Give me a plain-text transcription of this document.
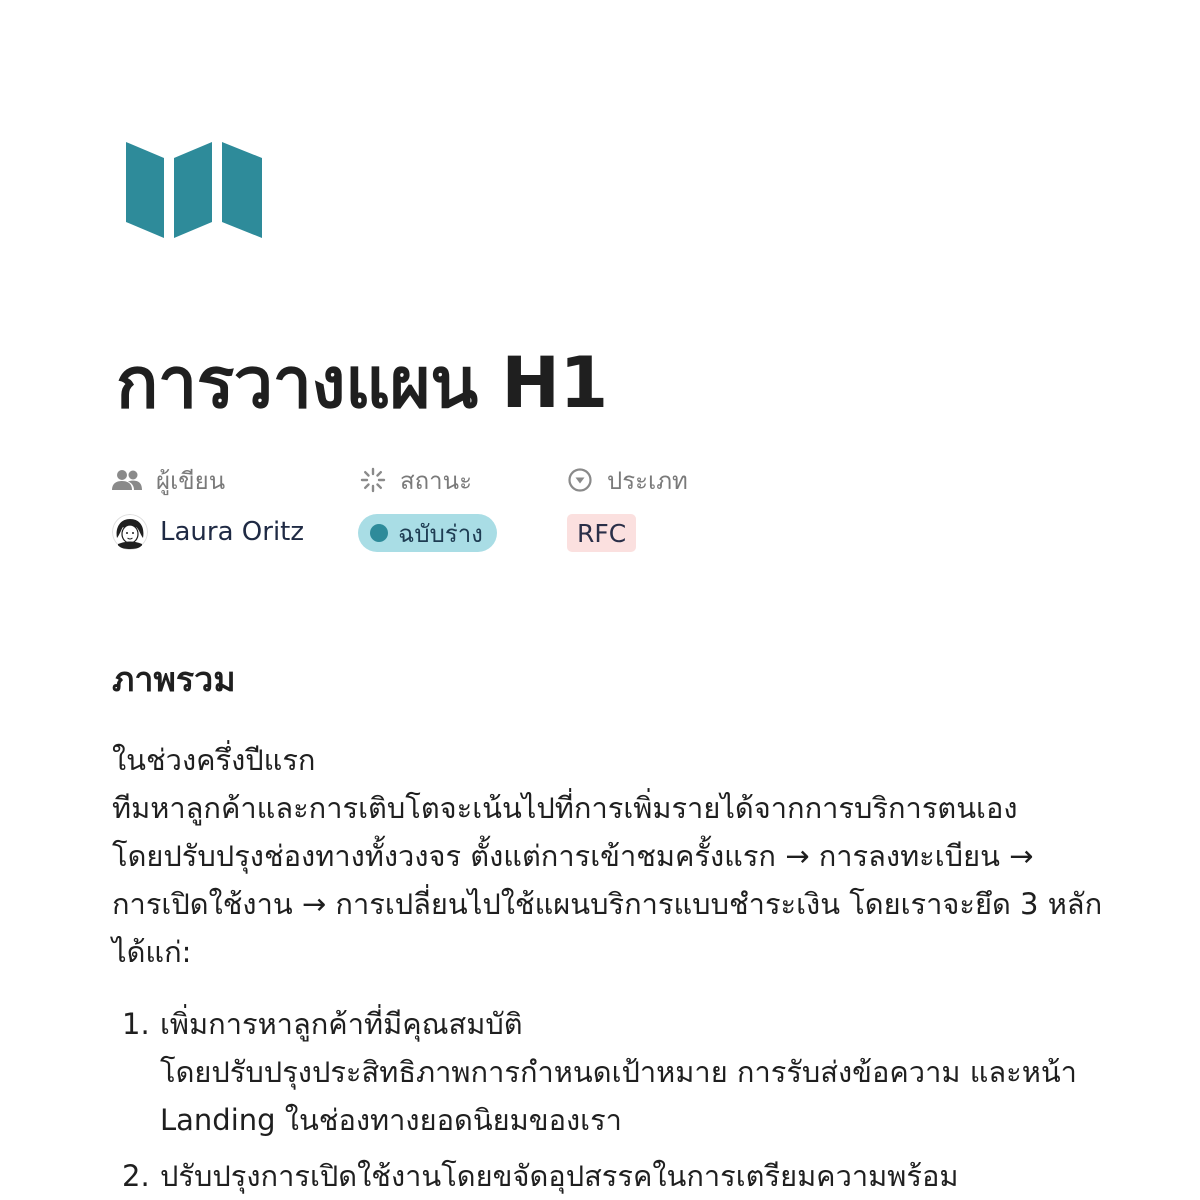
การวางแผน H1
ผู้เขียน
Laura Oritz
สถานะ
ฉบับร่าง
ประเภท
RFC
ภาพรวม
ในช่วงครึ่งปีแรก
ทีมหาลูกค้าและการเติบโตจะเน้นไปที่การเพิ่มรายได้จากการบริการตนเอง
โดยปรับปรุงช่องทางทั้งวงจร ตั้งแต่การเข้าชมครั้งแรก → การลงทะเบียน →
การเปิดใช้งาน → การเปลี่ยนไปใช้แผนบริการแบบชำระเงิน โดยเราจะยึด 3 หลัก
ได้แก่:
1. เพิ่มการหาลูกค้าที่มีคุณสมบัติ
โดยปรับปรุงประสิทธิภาพการกำหนดเป้าหมาย การรับส่งข้อความ และหน้า
Landing ในช่องทางยอดนิยมของเรา
2. ปรับปรุงการเปิดใช้งานโดยขจัดอุปสรรคในการเตรียมความพร้อม
